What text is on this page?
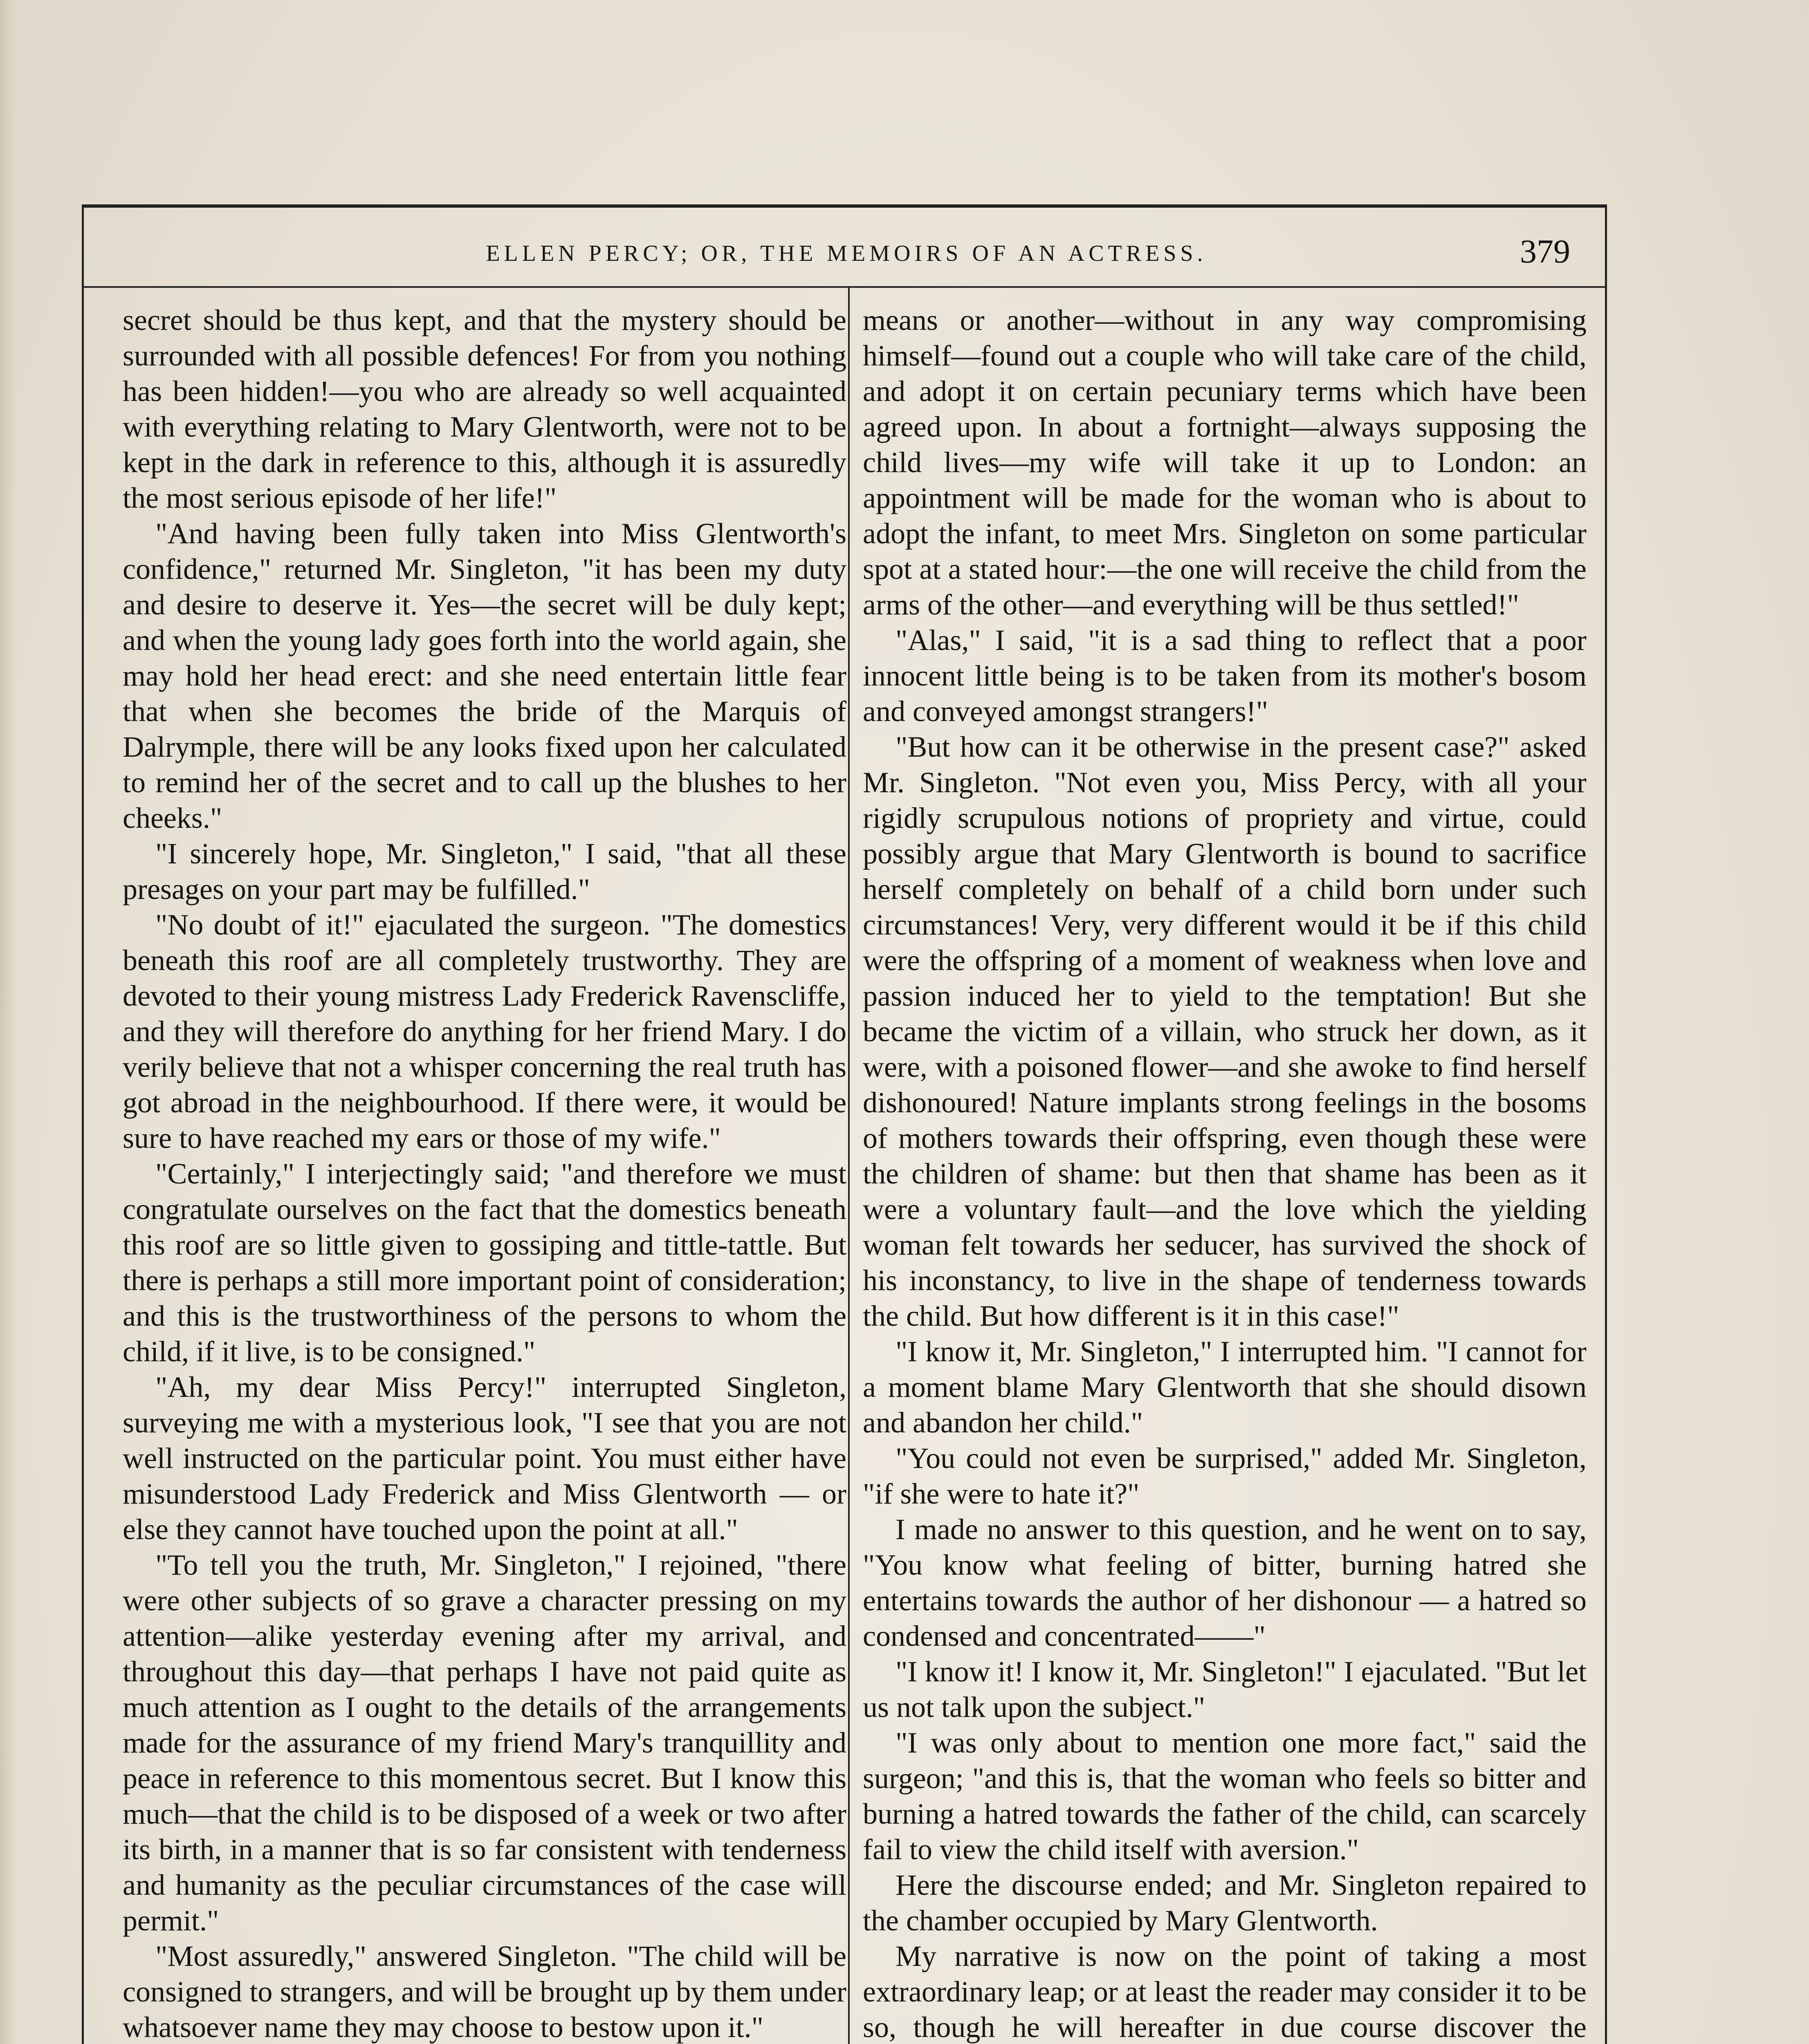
ELLEN PERCY; OR, THE MEMOIRS OF AN ACTRESS.	379

secret should be thus kept, and that the mystery should be surrounded with all possible defences! For from you nothing has been hidden!—you who are already so well acquainted with everything relating to Mary Glentworth, were not to be kept in the dark in reference to this, although it is assuredly the most serious episode of her life!"

"And having been fully taken into Miss Glentworth's confidence," returned Mr. Singleton, "it has been my duty and desire to deserve it. Yes—the secret will be duly kept; and when the young lady goes forth into the world again, she may hold her head erect: and she need entertain little fear that when she becomes the bride of the Marquis of Dalrymple, there will be any looks fixed upon her calculated to remind her of the secret and to call up the blushes to her cheeks."

"I sincerely hope, Mr. Singleton," I said, "that all these presages on your part may be fulfilled."

"No doubt of it!" ejaculated the surgeon. "The domestics beneath this roof are all completely trustworthy. They are devoted to their young mistress Lady Frederick Ravenscliffe, and they will therefore do anything for her friend Mary. I do verily believe that not a whisper concerning the real truth has got abroad in the neighbourhood. If there were, it would be sure to have reached my ears or those of my wife."

"Certainly," I interjectingly said; "and therefore we must congratulate ourselves on the fact that the domestics beneath this roof are so little given to gossiping and tittle-tattle. But there is perhaps a still more important point of consideration; and this is the trustworthiness of the persons to whom the child, if it live, is to be consigned."

"Ah, my dear Miss Percy!" interrupted Singleton, surveying me with a mysterious look, "I see that you are not well instructed on the particular point. You must either have misunderstood Lady Frederick and Miss Glentworth — or else they cannot have touched upon the point at all."

"To tell you the truth, Mr. Singleton," I rejoined, "there were other subjects of so grave a character pressing on my attention—alike yesterday evening after my arrival, and throughout this day—that perhaps I have not paid quite as much attention as I ought to the details of the arrangements made for the assurance of my friend Mary's tranquillity and peace in reference to this momentous secret. But I know this much—that the child is to be disposed of a week or two after its birth, in a manner that is so far consistent with tenderness and humanity as the peculiar circumstances of the case will permit."

"Most assuredly," answered Singleton. "The child will be consigned to strangers, and will be brought up by them under whatsoever name they may choose to bestow upon it."

means or another—without in any way compromising himself—found out a couple who will take care of the child, and adopt it on certain pecuniary terms which have been agreed upon. In about a fortnight—always supposing the child lives—my wife will take it up to London: an appointment will be made for the woman who is about to adopt the infant, to meet Mrs. Singleton on some particular spot at a stated hour:—the one will receive the child from the arms of the other—and everything will be thus settled!"

"Alas," I said, "it is a sad thing to reflect that a poor innocent little being is to be taken from its mother's bosom and conveyed amongst strangers!"

"But how can it be otherwise in the present case?" asked Mr. Singleton. "Not even you, Miss Percy, with all your rigidly scrupulous notions of propriety and virtue, could possibly argue that Mary Glentworth is bound to sacrifice herself completely on behalf of a child born under such circumstances! Very, very different would it be if this child were the offspring of a moment of weakness when love and passion induced her to yield to the temptation! But she became the victim of a villain, who struck her down, as it were, with a poisoned flower—and she awoke to find herself dishonoured! Nature implants strong feelings in the bosoms of mothers towards their offspring, even though these were the children of shame: but then that shame has been as it were a voluntary fault—and the love which the yielding woman felt towards her seducer, has survived the shock of his inconstancy, to live in the shape of tenderness towards the child. But how different is it in this case!"

"I know it, Mr. Singleton," I interrupted him. "I cannot for a moment blame Mary Glentworth that she should disown and abandon her child."

"You could not even be surprised," added Mr. Singleton, "if she were to hate it?"

I made no answer to this question, and he went on to say, "You know what feeling of bitter, burning hatred she entertains towards the author of her dishonour — a hatred so condensed and concentrated——"

"I know it! I know it, Mr. Singleton!" I ejaculated. "But let us not talk upon the subject."

"I was only about to mention one more fact," said the surgeon; "and this is, that the woman who feels so bitter and burning a hatred towards the father of the child, can scarcely fail to view the child itself with aversion."

Here the discourse ended; and Mr. Singleton repaired to the chamber occupied by Mary Glentworth.

My narrative is now on the point of taking a most extraordinary leap; or at least the reader may consider it to be so, though he will hereafter in due course discover the
